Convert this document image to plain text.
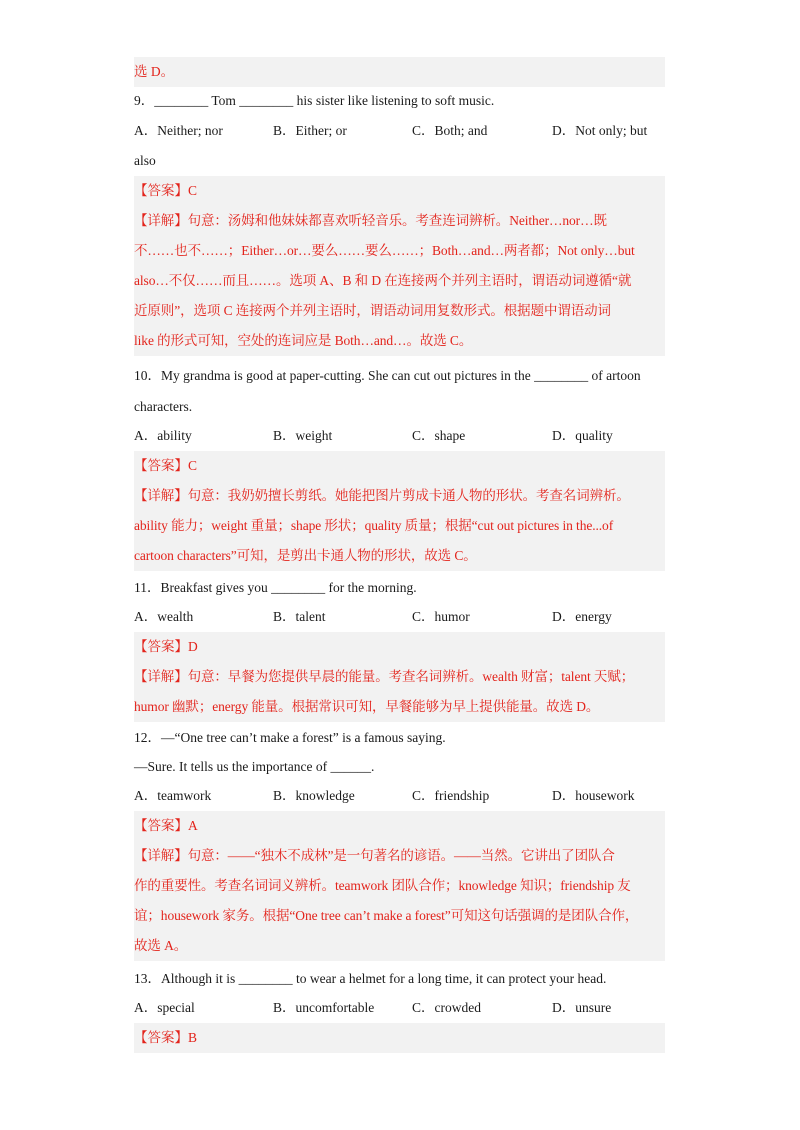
选 D。
9．________ Tom ________ his sister like listening to soft music.
A．Neither; nor	B．Either; or	C．Both; and	D．Not only; but
also
【答案】C
【详解】句意：汤姆和他妹妹都喜欢听轻音乐。考查连词辨析。Neither…nor…既
不……也不……；Either…or…要么……要么……；Both…and…两者都；Not only…but
also…不仅……而且……。选项 A、B 和 D 在连接两个并列主语时，谓语动词遵循“就
近原则”，选项 C 连接两个并列主语时，谓语动词用复数形式。根据题中谓语动词
like 的形式可知，空处的连词应是 Both…and…。故选 C。
10．My grandma is good at paper-cutting. She can cut out pictures in the ________ of artoon
characters.
A．ability	B．weight	C．shape	D．quality
【答案】C
【详解】句意：我奶奶擅长剪纸。她能把图片剪成卡通人物的形状。考查名词辨析。
ability 能力；weight 重量；shape 形状；quality 质量；根据“cut out pictures in the...of
cartoon characters”可知，是剪出卡通人物的形状，故选 C。
11．Breakfast gives you ________ for the morning.
A．wealth	B．talent	C．humor	D．energy
【答案】D
【详解】句意：早餐为您提供早晨的能量。考查名词辨析。wealth 财富；talent 天赋；
humor 幽默；energy 能量。根据常识可知，早餐能够为早上提供能量。故选 D。
12．—“One tree can’t make a forest” is a famous saying.
—Sure. It tells us the importance of ______.
A．teamwork	B．knowledge	C．friendship	D．housework
【答案】A
【详解】句意：——“独木不成林”是一句著名的谚语。——当然。它讲出了团队合
作的重要性。考查名词词义辨析。teamwork 团队合作；knowledge 知识；friendship 友
谊；housework 家务。根据“One tree can’t make a forest”可知这句话强调的是团队合作，
故选 A。
13．Although it is ________ to wear a helmet for a long time, it can protect your head.
A．special	B．uncomfortable	C．crowded	D．unsure
【答案】B
